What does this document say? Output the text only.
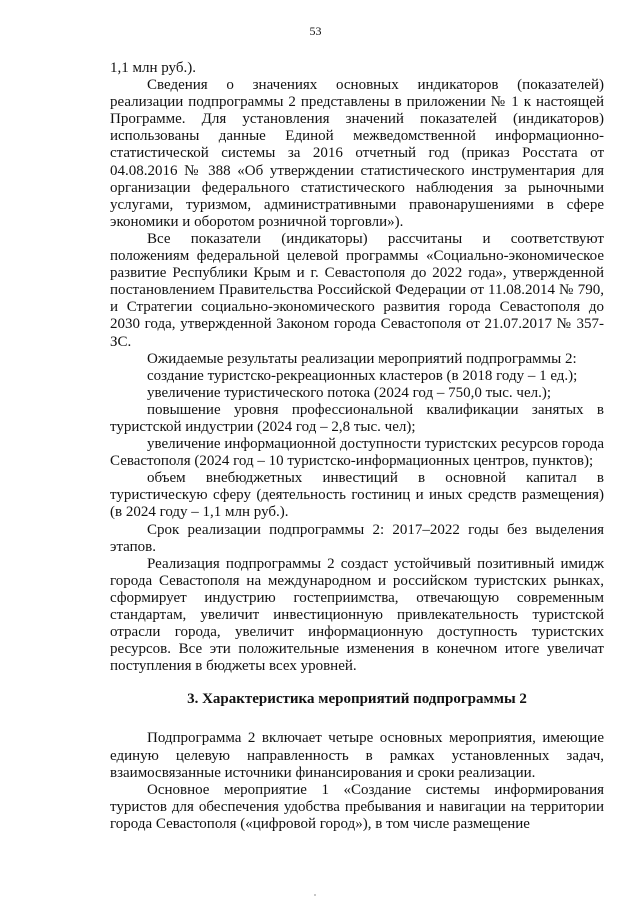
53

1,1 млн руб.).

Сведения о значениях основных индикаторов (показателей) реализации подпрограммы 2 представлены в приложении № 1 к настоящей Программе. Для установления значений показателей (индикаторов) использованы данные Единой межведомственной информационно-статистической системы за 2016 отчетный год (приказ Росстата от 04.08.2016 № 388 «Об утверждении статистического инструментария для организации федерального статистического наблюдения за рыночными услугами, туризмом, административными правонарушениями в сфере экономики и оборотом розничной торговли»).

Все показатели (индикаторы) рассчитаны и соответствуют положениям федеральной целевой программы «Социально-экономическое развитие Республики Крым и г. Севастополя до 2022 года», утвержденной постановлением Правительства Российской Федерации от 11.08.2014 № 790, и Стратегии социально-экономического развития города Севастополя до 2030 года, утвержденной Законом города Севастополя от 21.07.2017 № 357-ЗС.

Ожидаемые результаты реализации мероприятий подпрограммы 2:

создание туристско-рекреационных кластеров (в 2018 году – 1 ед.);

увеличение туристического потока (2024 год – 750,0 тыс. чел.);

повышение уровня профессиональной квалификации занятых в туристской индустрии (2024 год – 2,8 тыс. чел);

увеличение информационной доступности туристских ресурсов города Севастополя (2024 год – 10 туристско-информационных центров, пунктов);

объем внебюджетных инвестиций в основной капитал в туристическую сферу (деятельность гостиниц и иных средств размещения) (в 2024 году – 1,1 млн руб.).

Срок реализации подпрограммы 2: 2017–2022 годы без выделения этапов.

Реализация подпрограммы 2 создаст устойчивый позитивный имидж города Севастополя на международном и российском туристских рынках, сформирует индустрию гостеприимства, отвечающую современным стандартам, увеличит инвестиционную привлекательность туристской отрасли города, увеличит информационную доступность туристских ресурсов. Все эти положительные изменения в конечном итоге увеличат поступления в бюджеты всех уровней.

3. Характеристика мероприятий подпрограммы 2

Подпрограмма 2 включает четыре основных мероприятия, имеющие единую целевую направленность в рамках установленных задач, взаимосвязанные источники финансирования и сроки реализации.

Основное мероприятие 1 «Создание системы информирования туристов для обеспечения удобства пребывания и навигации на территории города Севастополя («цифровой город»), в том числе размещение
